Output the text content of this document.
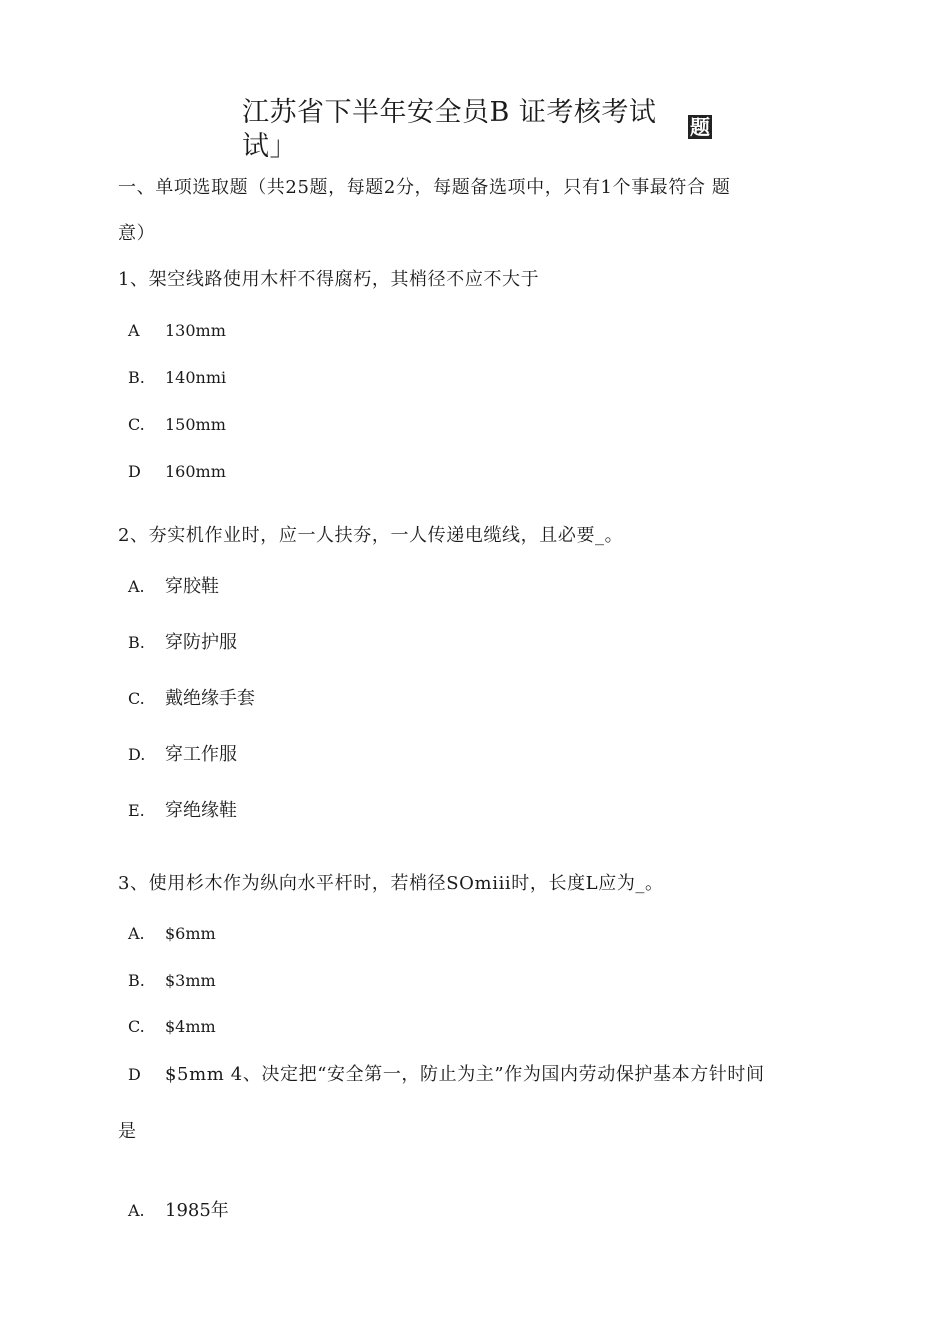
江苏省下半年安全员B 证考核考试
试」
题
一、单项选取题（共25题，每题2分，每题备选项中，只有1个事最符合 题
意）
1、架空线路使用木杆不得腐朽，其梢径不应不大于
A 130mm
B. 140nmi
C. 150mm
D 160mm
2、夯实机作业时，应一人扶夯，一人传递电缆线，且必要_。
A. 穿胶鞋
B. 穿防护服
C. 戴绝缘手套
D. 穿工作服
E. 穿绝缘鞋
3、使用杉木作为纵向水平杆时，若梢径SOmiii时，长度L应为_。
A. $6mm
B. $3mm
C. $4mm
D $5mm 4、决定把“安全第一，防止为主”作为国内劳动保护基本方针时间
是
A. 1985年
